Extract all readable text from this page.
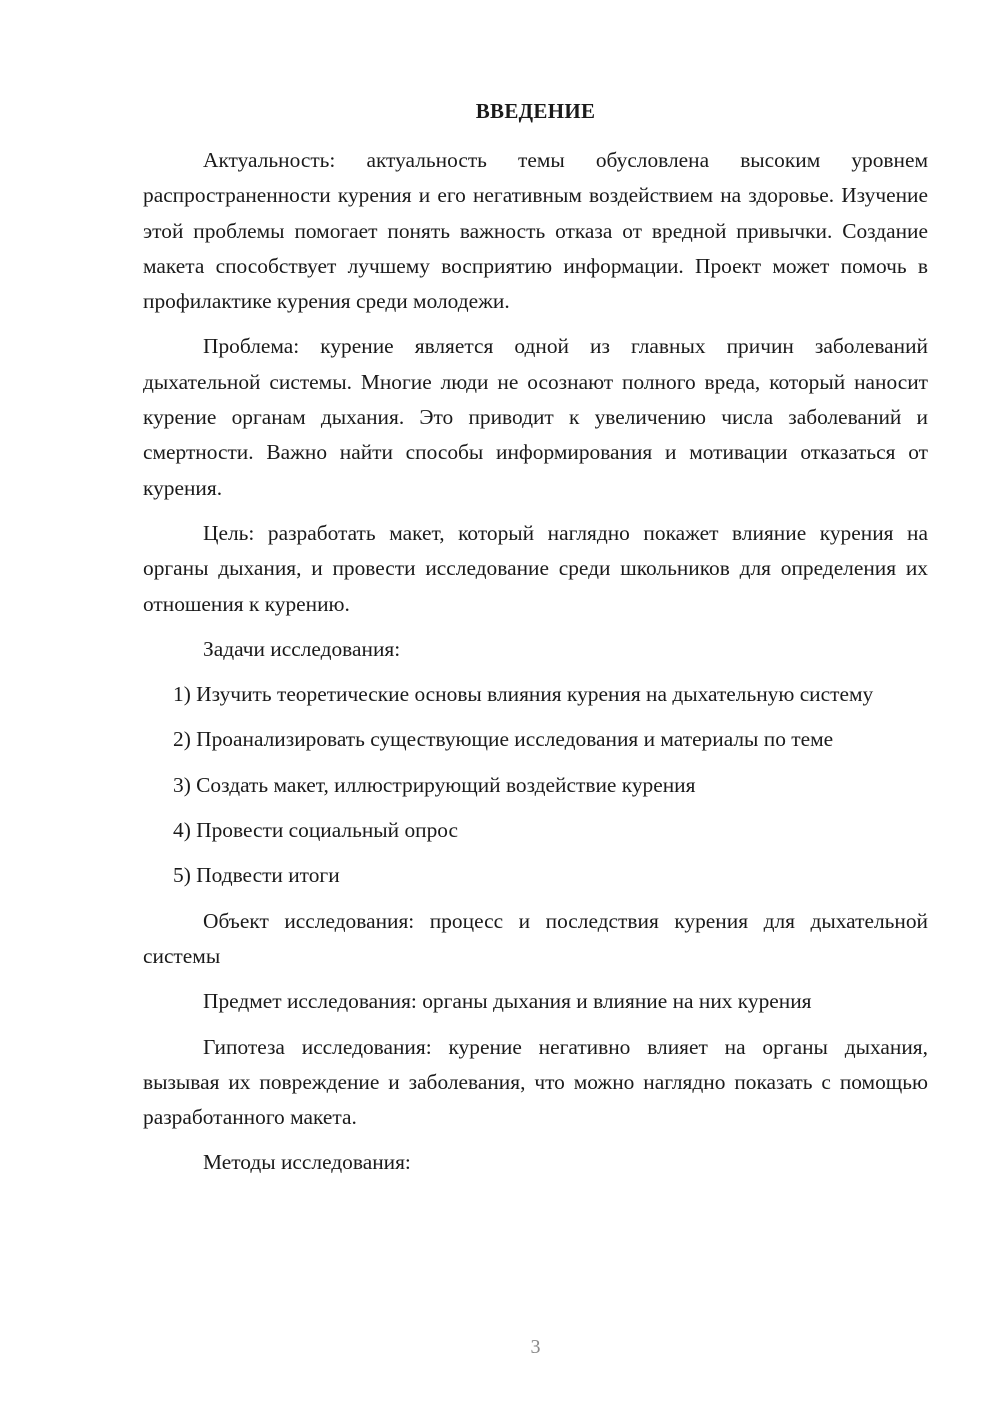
ВВЕДЕНИЕ

Актуальность: актуальность темы обусловлена высоким уровнем распространенности курения и его негативным воздействием на здоровье. Изучение этой проблемы помогает понять важность отказа от вредной привычки. Создание макета способствует лучшему восприятию информации. Проект может помочь в профилактике курения среди молодежи.

Проблема: курение является одной из главных причин заболеваний дыхательной системы. Многие люди не осознают полного вреда, который наносит курение органам дыхания. Это приводит к увеличению числа заболеваний и смертности. Важно найти способы информирования и мотивации отказаться от курения.

Цель: разработать макет, который наглядно покажет влияние курения на органы дыхания, и провести исследование среди школьников для определения их отношения к курению.

Задачи исследования:

1) Изучить теоретические основы влияния курения на дыхательную систему

2) Проанализировать существующие исследования и материалы по теме

3) Создать макет, иллюстрирующий воздействие курения

4) Провести социальный опрос

5) Подвести итоги

Объект исследования: процесс и последствия курения для дыхательной системы

Предмет исследования: органы дыхания и влияние на них курения

Гипотеза исследования: курение негативно влияет на органы дыхания, вызывая их повреждение и заболевания, что можно наглядно показать с помощью разработанного макета.

Методы исследования:

3
